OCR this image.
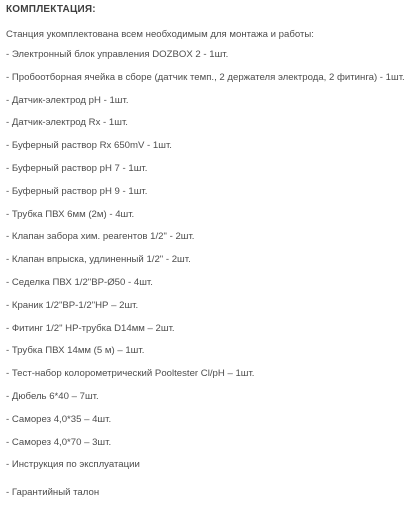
КОМПЛЕКТАЦИЯ:
Станция укомплектована всем необходимым для монтажа и работы:
- Электронный блок управления DOZBOX 2 - 1шт.
- Пробоотборная ячейка в сборе (датчик темп., 2 держателя электрода, 2 фитинга) - 1шт.
- Датчик-электрод pH - 1шт.
- Датчик-электрод Rx - 1шт.
- Буферный раствор Rx 650mV - 1шт.
- Буферный раствор pH 7 - 1шт.
- Буферный раствор pH 9 - 1шт.
- Трубка ПВХ 6мм (2м) - 4шт.
- Клапан забора хим. реагентов 1/2" - 2шт.
- Клапан впрыска, удлиненный 1/2" - 2шт.
- Седелка ПВХ 1/2"ВР-Ø50 - 4шт.
- Краник 1/2"ВР-1/2"НР – 2шт.
- Фитинг 1/2" НР-трубка D14мм – 2шт.
- Трубка ПВХ 14мм (5 м) – 1шт.
- Тест-набор колорометрический Pooltester Cl/pH – 1шт.
- Дюбель 6*40 – 7шт.
- Саморез 4,0*35 – 4шт.
- Саморез 4,0*70 – 3шт.
- Инструкция по эксплуатации
- Гарантийный талон
